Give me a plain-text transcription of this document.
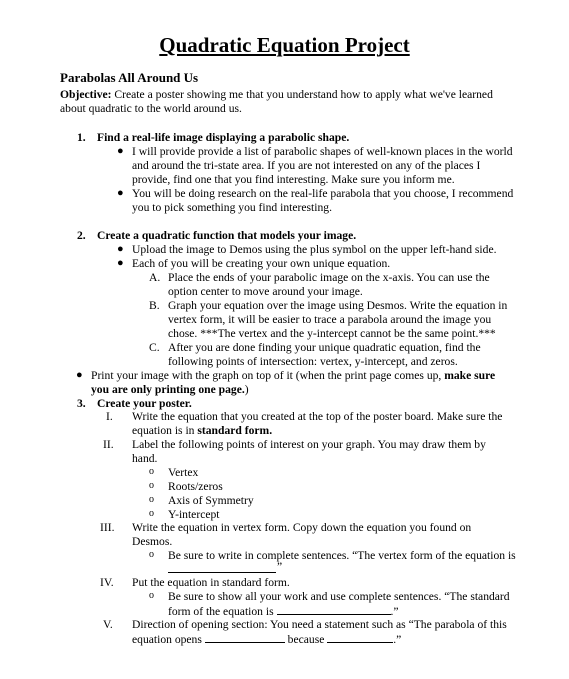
Quadratic Equation Project
Parabolas All Around Us
Objective: Create a poster showing me that you understand how to apply what we've learned
about quadratic to the world around us.
1. Find a real-life image displaying a parabolic shape.
● I will provide provide a list of parabolic shapes of well-known places in the world
and around the tri-state area. If you are not interested on any of the places I
provide, find one that you find interesting. Make sure you inform me.
● You will be doing research on the real-life parabola that you choose, I recommend
you to pick something you find interesting.
2. Create a quadratic function that models your image.
● Upload the image to Demos using the plus symbol on the upper left-hand side.
● Each of you will be creating your own unique equation.
A. Place the ends of your parabolic image on the x-axis. You can use the
option center to move around your image.
B. Graph your equation over the image using Desmos. Write the equation in
vertex form, it will be easier to trace a parabola around the image you
chose. ***The vertex and the y-intercept cannot be the same point.***
C. After you are done finding your unique quadratic equation, find the
following points of intersection: vertex, y-intercept, and zeros.
● Print your image with the graph on top of it (when the print page comes up, make sure
you are only printing one page.)
3. Create your poster.
I. Write the equation that you created at the top of the poster board. Make sure the
equation is in standard form.
II. Label the following points of interest on your graph. You may draw them by
hand.
o Vertex
o Roots/zeros
o Axis of Symmetry
o Y-intercept
III. Write the equation in vertex form. Copy down the equation you found on
Desmos.
o Be sure to write in complete sentences. “The vertex form of the equation is
”
IV. Put the equation in standard form.
o Be sure to show all your work and use complete sentences. “The standard
form of the equation is	.”
V. Direction of opening section: You need a statement such as “The parabola of this
equation opens	because	.”
